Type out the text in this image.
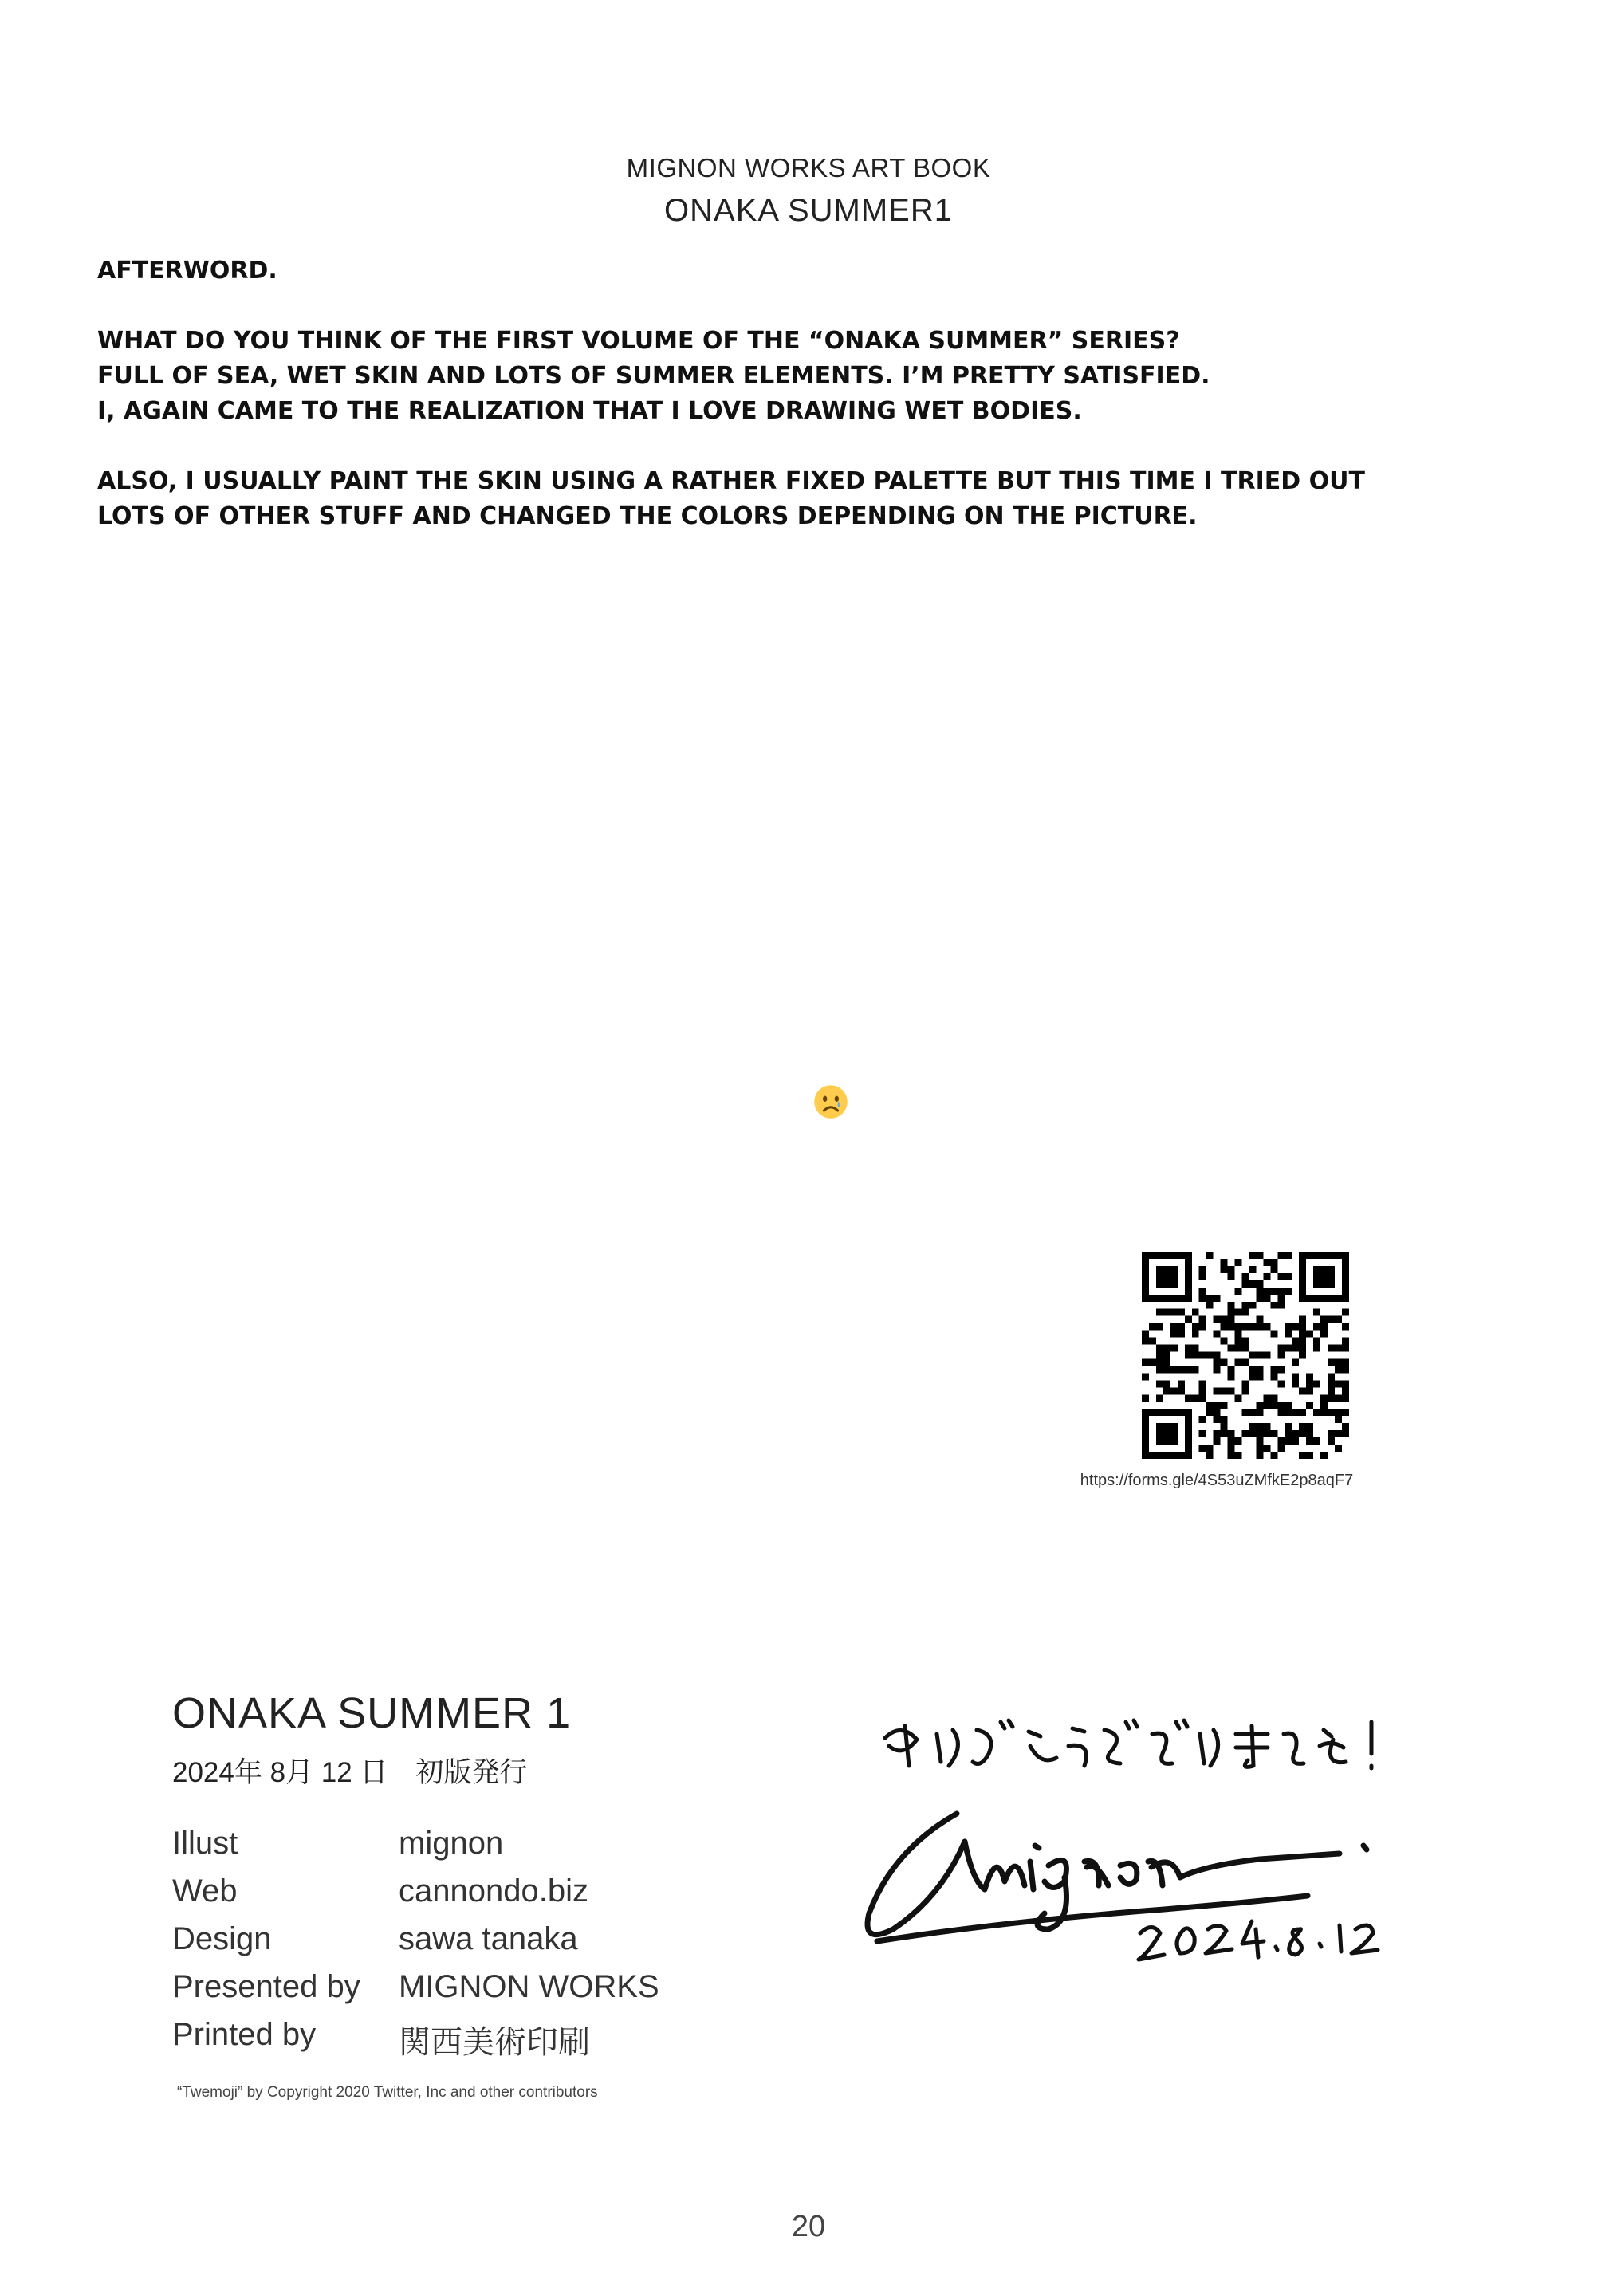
MIGNON WORKS ART BOOK
ONAKA SUMMER1

AFTERWORD.

WHAT DO YOU THINK OF THE FIRST VOLUME OF THE “ONAKA SUMMER” SERIES?

FULL OF SEA, WET SKIN AND LOTS OF SUMMER ELEMENTS. I’M PRETTY SATISFIED.

I, AGAIN CAME TO THE REALIZATION THAT I LOVE DRAWING WET BODIES.

ALSO, I USUALLY PAINT THE SKIN USING A RATHER FIXED PALETTE BUT THIS TIME I TRIED OUT

LOTS OF OTHER STUFF AND CHANGED THE COLORS DEPENDING ON THE PICTURE.

https://forms.gle/4S53uZMfkE2p8aqF7
ONAKA SUMMER 1
2024年 8月 12 日　初版発行
Illust	mignon
Web	cannondo.biz
Design	sawa tanaka
Presented by	MIGNON WORKS
Printed by	関西美術印刷
“Twemoji” by Copyright 2020 Twitter, Inc and other contributors
20
